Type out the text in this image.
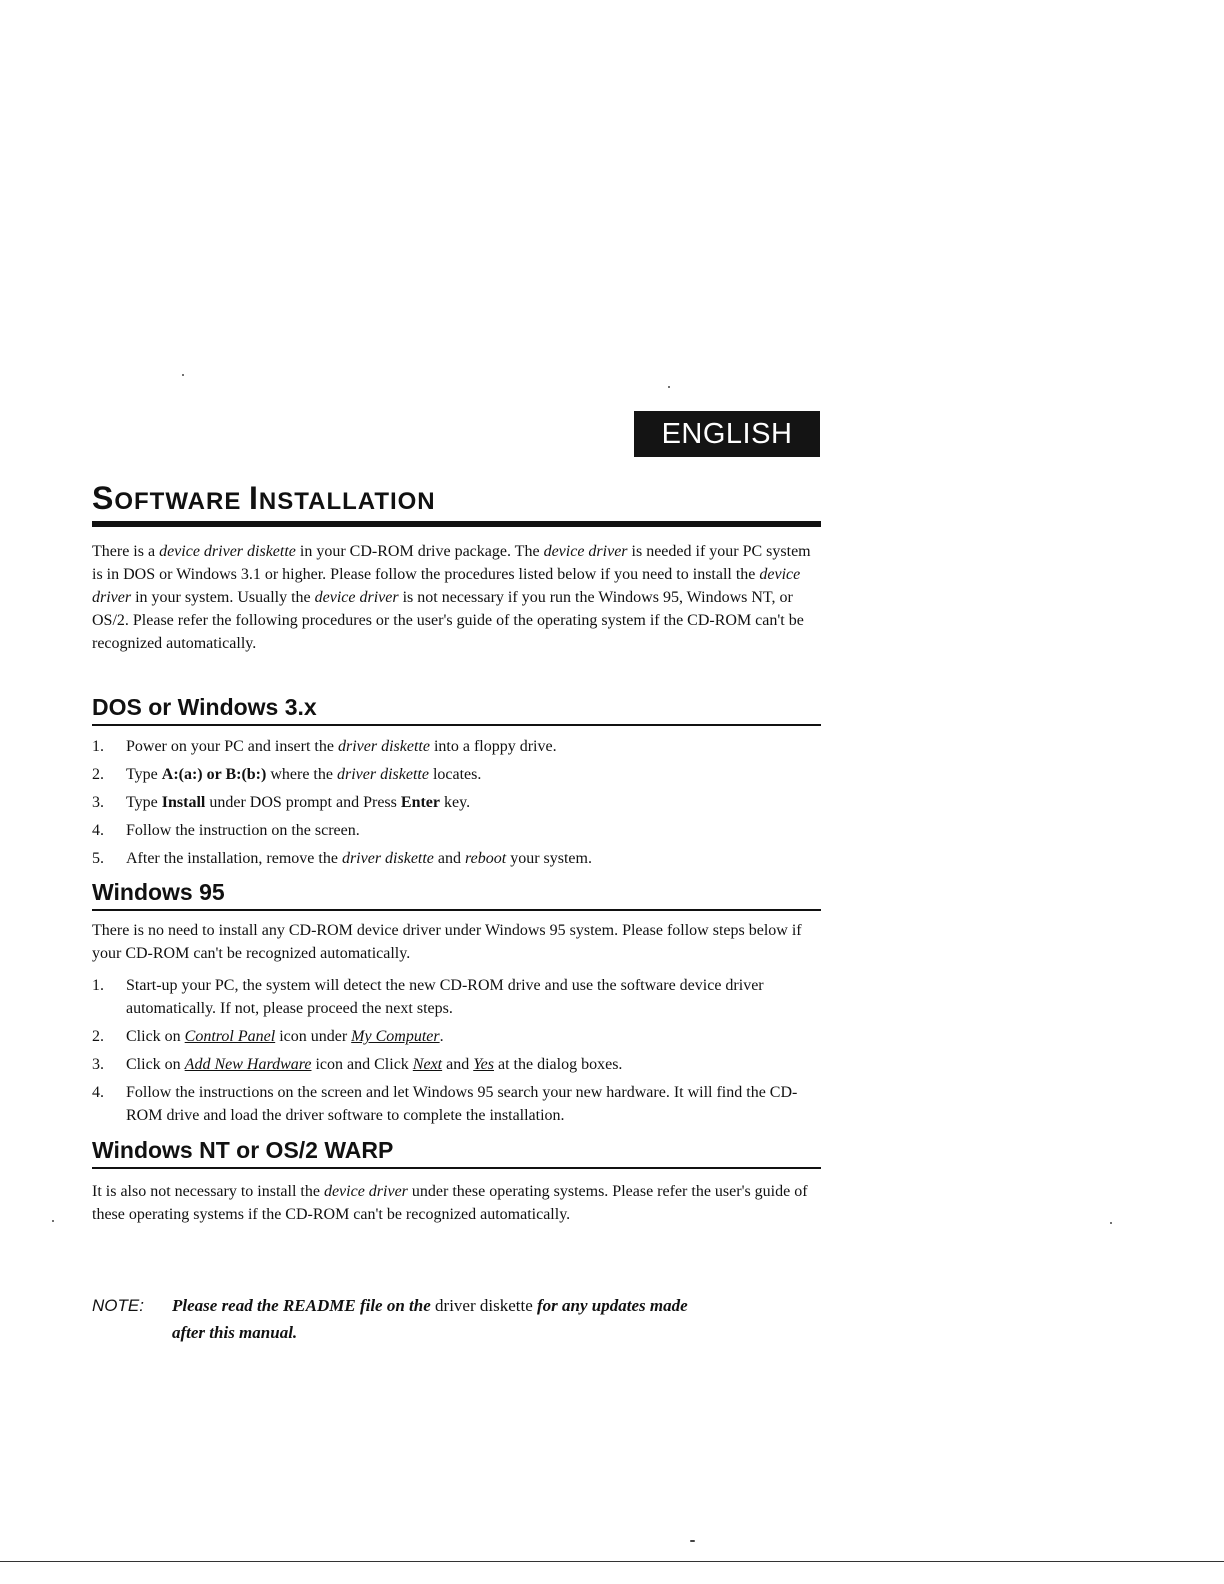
ENGLISH
SOFTWARE INSTALLATION

There is a device driver diskette in your CD-ROM drive package. The device driver is needed if your PC system is in DOS or Windows 3.1 or higher. Please follow the procedures listed below if you need to install the device driver in your system. Usually the device driver is not necessary if you run the Windows 95, Windows NT, or OS/2. Please refer the following procedures or the user's guide of the operating system if the CD-ROM can't be recognized automatically.

DOS or Windows 3.x
1. Power on your PC and insert the driver diskette into a floppy drive.
2. Type A:(a:) or B:(b:) where the driver diskette locates.
3. Type Install under DOS prompt and Press Enter key.
4. Follow the instruction on the screen.
5. After the installation, remove the driver diskette and reboot your system.
Windows 95

There is no need to install any CD-ROM device driver under Windows 95 system. Please follow steps below if your CD-ROM can't be recognized automatically.

1. Start-up your PC, the system will detect the new CD-ROM drive and use the software device driver automatically. If not, please proceed the next steps.
2. Click on Control Panel icon under My Computer.
3. Click on Add New Hardware icon and Click Next and Yes at the dialog boxes.
4. Follow the instructions on the screen and let Windows 95 search your new hardware. It will find the CD-ROM drive and load the driver software to complete the installation.
Windows NT or OS/2 WARP

It is also not necessary to install the device driver under these operating systems. Please refer the user's guide of these operating systems if the CD-ROM can't be recognized automatically.

NOTE: Please read the README file on the driver diskette for any updates made
after this manual.
